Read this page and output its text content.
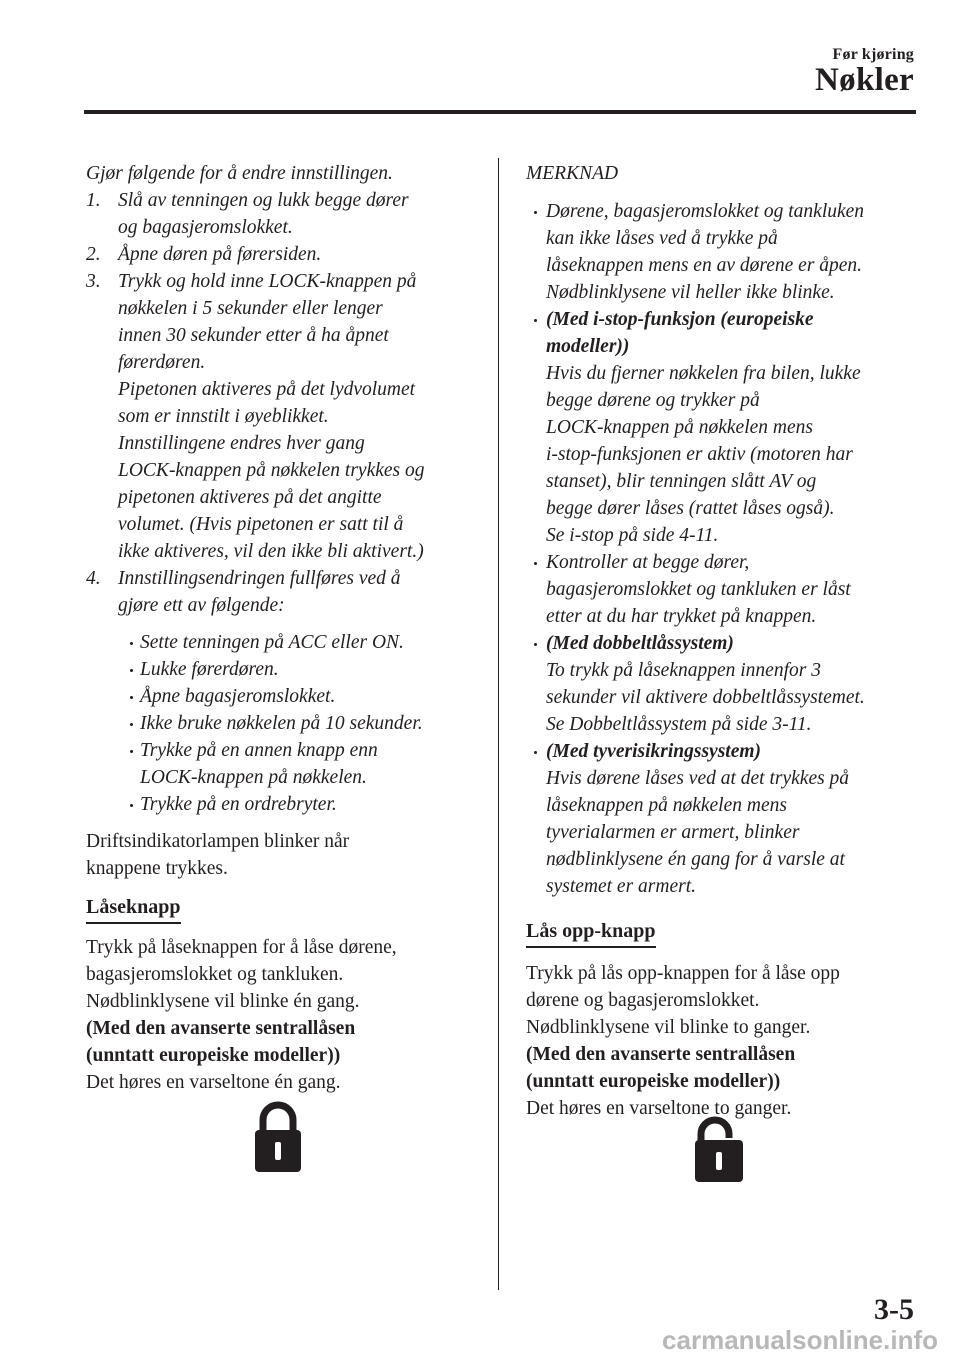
Før kjøring
Nøkler
Gjør følgende for å endre innstillingen.
1. Slå av tenningen og lukk begge dører
og bagasjeromslokket.
2. Åpne døren på førersiden.
3. Trykk og hold inne LOCK-knappen på
nøkkelen i 5 sekunder eller lenger
innen 30 sekunder etter å ha åpnet
førerdøren.
Pipetonen aktiveres på det lydvolumet
som er innstilt i øyeblikket.
Innstillingene endres hver gang
LOCK-knappen på nøkkelen trykkes og
pipetonen aktiveres på det angitte
volumet. (Hvis pipetonen er satt til å
ikke aktiveres, vil den ikke bli aktivert.)
4. Innstillingsendringen fullføres ved å
gjøre ett av følgende:
Sette tenningen på ACC eller ON.
Lukke førerdøren.
Åpne bagasjeromslokket.
Ikke bruke nøkkelen på 10 sekunder.
Trykke på en annen knapp enn
LOCK-knappen på nøkkelen.
Trykke på en ordrebryter.
Driftsindikatorlampen blinker når
knappene trykkes.
Låseknapp
Trykk på låseknappen for å låse dørene,
bagasjeromslokket og tankluken.
Nødblinklysene vil blinke én gang.
(Med den avanserte sentrallåsen
(unntatt europeiske modeller))
Det høres en varseltone én gang.
MERKNAD
Dørene, bagasjeromslokket og tankluken
kan ikke låses ved å trykke på
låseknappen mens en av dørene er åpen.
Nødblinklysene vil heller ikke blinke.
(Med i-stop-funksjon (europeiske
modeller))
Hvis du fjerner nøkkelen fra bilen, lukke
begge dørene og trykker på
LOCK-knappen på nøkkelen mens
i-stop-funksjonen er aktiv (motoren har
stanset), blir tenningen slått AV og
begge dører låses (rattet låses også).
Se i-stop på side 4-11.
Kontroller at begge dører,
bagasjeromslokket og tankluken er låst
etter at du har trykket på knappen.
(Med dobbeltlåssystem)
To trykk på låseknappen innenfor 3
sekunder vil aktivere dobbeltlåssystemet.
Se Dobbeltlåssystem på side 3-11.
(Med tyverisikringssystem)
Hvis dørene låses ved at det trykkes på
låseknappen på nøkkelen mens
tyverialarmen er armert, blinker
nødblinklysene én gang for å varsle at
systemet er armert.
Lås opp-knapp
Trykk på lås opp-knappen for å låse opp
dørene og bagasjeromslokket.
Nødblinklysene vil blinke to ganger.
(Med den avanserte sentrallåsen
(unntatt europeiske modeller))
Det høres en varseltone to ganger.
3-5
carmanualsonline.info
